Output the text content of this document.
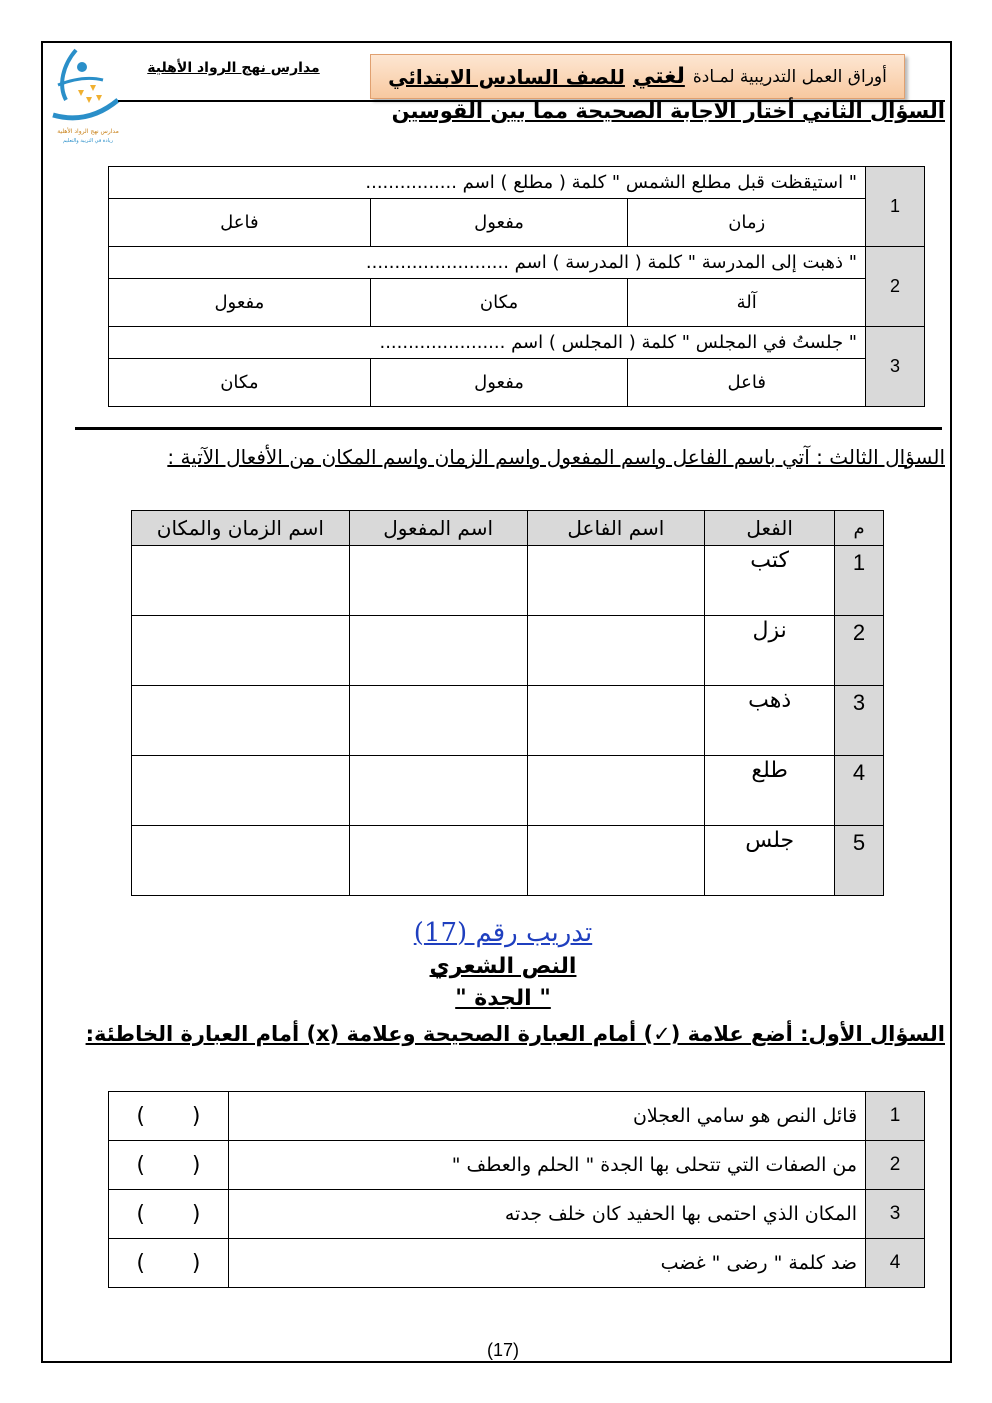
مدارس نهج الرواد الأهلية
ريادة في التربية والتعليم
مدارس نهج الرواد الأهلية	أوراق العمل التدريبية لمـادة
لغتي
للصف السادس الابتدائي
السؤال الثاني أختار الاجابة الصحيحة مما بين القوسين
1	" استيقظت قبل مطلع الشمس " كلمة ( مطلع ) اسم ................		
	زمان	مفعول	فاعل
2	" ذهبت إلى المدرسة " كلمة ( المدرسة ) اسم .........................		
	آلة	مكان	مفعول
3	" جلستُ في المجلس " كلمة ( المجلس ) اسم ......................		
	فاعل	مفعول	مكان
السؤال الثالث : آتي باسم الفاعل واسم المفعول واسم الزمان واسم المكان من الأفعال الآتية :
م	الفعل	اسم الفاعل	اسم المفعول	اسم الزمان والمكان
1	كتب			
2	نزل			
3	ذهب			
4	طلع			
5	جلس			
تدريب رقم (17)
النص الشعري
" الجدة "
السؤال الأول: أضع علامة (✓) أمام العبارة الصحيحة وعلامة (x) أمام العبارة الخاطئة:
1	قائل النص هو سامي العجلان	( )
2	من الصفات التي تتحلى بها الجدة " الحلم والعطف "	( )
3	المكان الذي احتمى بها الحفيد كان خلف جدته	( )
4	ضد كلمة " رضى " غضب	( )
(17)
